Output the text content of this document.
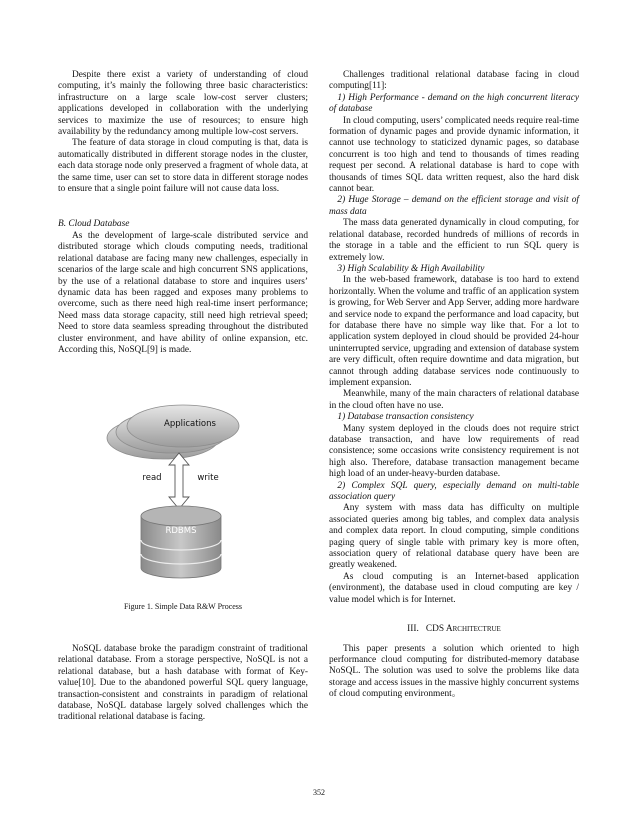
Despite there exist a variety of understanding of cloud computing, it’s mainly the following three basic characteristics: infrastructure on a large scale low-cost server clusters; applications developed in collaboration with the underlying services to maximize the use of resources; to ensure high availability by the redundancy among multiple low-cost servers.

The feature of data storage in cloud computing is that, data is automatically distributed in different storage nodes in the cluster, each data storage node only preserved a fragment of whole data, at the same time, user can set to store data in different storage nodes to ensure that a single point failure will not cause data loss.

B. Cloud Database

As the development of large-scale distributed service and distributed storage which clouds computing needs, traditional relational database are facing many new challenges, especially in scenarios of the large scale and high concurrent SNS applications, by the use of a relational database to store and inquires users’ dynamic data has been ragged and exposes many problems to overcome, such as there need high real-time insert performance; Need mass data storage capacity, still need high retrieval speed; Need to store data seamless spreading throughout the distributed cluster environment, and have ability of online expansion, etc. According this, NoSQL[9] is made.

Applications
read	write
RDBMS
Figure 1. Simple Data R&W Process

NoSQL database broke the paradigm constraint of traditional relational database. From a storage perspective, NoSQL is not a relational database, but a hash database with format of Key-value[10]. Due to the abandoned powerful SQL query language, transaction-consistent and constraints in paradigm of relational database, NoSQL database largely solved challenges which the traditional relational database is facing.

Challenges traditional relational database facing in cloud computing[11]:

1) High Performance - demand on the high concurrent literacy of database

In cloud computing, users’ complicated needs require real-time formation of dynamic pages and provide dynamic information, it cannot use technology to staticized dynamic pages, so database concurrent is too high and tend to thousands of times reading request per second. A relational database is hard to cope with thousands of times SQL data written request, also the hard disk cannot bear.

2) Huge Storage – demand on the efficient storage and visit of mass data

The mass data generated dynamically in cloud computing, for relational database, recorded hundreds of millions of records in the storage in a table and the efficient to run SQL query is extremely low.

3) High Scalability & High Availability

In the web-based framework, database is too hard to extend horizontally. When the volume and traffic of an application system is growing, for Web Server and App Server, adding more hardware and service node to expand the performance and load capacity, but for database there have no simple way like that. For a lot to application system deployed in cloud should be provided 24-hour uninterrupted service, upgrading and extension of database system are very difficult, often require downtime and data migration, but cannot through adding database services node continuously to implement expansion.

Meanwhile, many of the main characters of relational database in the cloud often have no use.

1) Database transaction consistency

Many system deployed in the clouds does not require strict database transaction, and have low requirements of read consistence; some occasions write consistency requirement is not high also. Therefore, database transaction management became high load of an under-heavy-burden database.

2) Complex SQL query, especially demand on multi-table association query

Any system with mass data has difficulty on multiple associated queries among big tables, and complex data analysis and complex data report. In cloud computing, simple conditions paging query of single table with primary key is more often, association query of relational database query have been are greatly weakened.

As cloud computing is an Internet-based application (environment), the database used in cloud computing are key / value model which is for Internet.

III. CDS Architectrue

This paper presents a solution which oriented to high performance cloud computing for distributed-memory database NoSQL. The solution was used to solve the problems like data storage and access issues in the massive highly concurrent systems of cloud computing environment。

352
